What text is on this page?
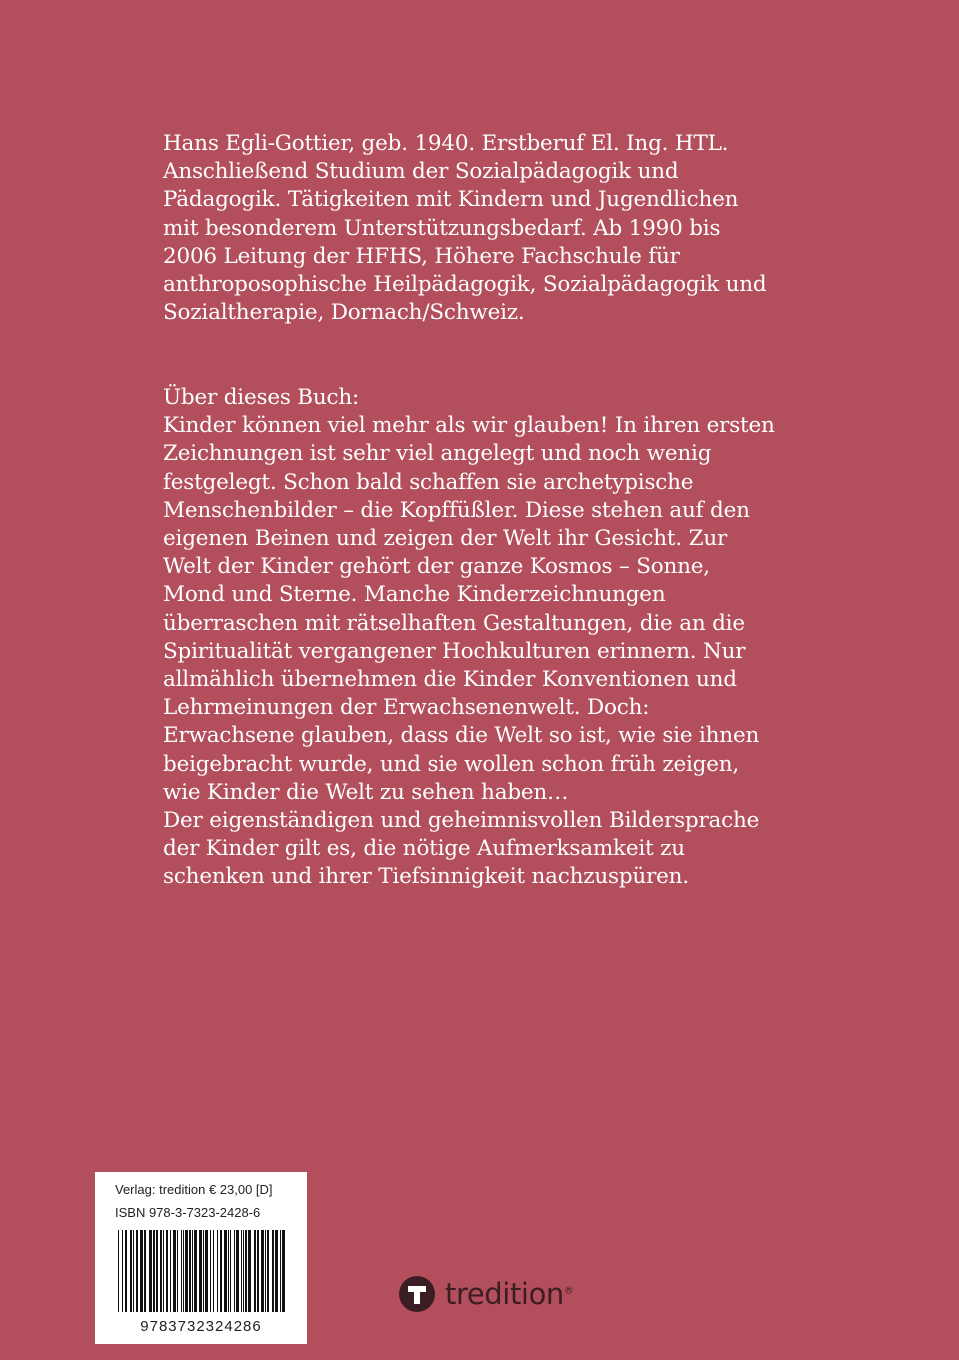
Hans Egli-Gottier, geb. 1940. Erstberuf El. Ing. HTL.
Anschließend Studium der Sozialpädagogik und
Pädagogik. Tätigkeiten mit Kindern und Jugendlichen
mit besonderem Unterstützungsbedarf. Ab 1990 bis
2006 Leitung der HFHS, Höhere Fachschule für
anthroposophische Heilpädagogik, Sozialpädagogik und
Sozialtherapie, Dornach/Schweiz.
Über dieses Buch:
Kinder können viel mehr als wir glauben! In ihren ersten
Zeichnungen ist sehr viel angelegt und noch wenig
festgelegt. Schon bald schaffen sie archetypische
Menschenbilder – die Kopffüßler. Diese stehen auf den
eigenen Beinen und zeigen der Welt ihr Gesicht. Zur
Welt der Kinder gehört der ganze Kosmos – Sonne,
Mond und Sterne. Manche Kinderzeichnungen
überraschen mit rätselhaften Gestaltungen, die an die
Spiritualität vergangener Hochkulturen erinnern. Nur
allmählich übernehmen die Kinder Konventionen und
Lehrmeinungen der Erwachsenenwelt. Doch:
Erwachsene glauben, dass die Welt so ist, wie sie ihnen
beigebracht wurde, und sie wollen schon früh zeigen,
wie Kinder die Welt zu sehen haben…
Der eigenständigen und geheimnisvollen Bildersprache
der Kinder gilt es, die nötige Aufmerksamkeit zu
schenken und ihrer Tiefsinnigkeit nachzuspüren.
Verlag: tredition € 23,00 [D]
ISBN 978-3-7323-2428-6
9783732324286
tredition®
